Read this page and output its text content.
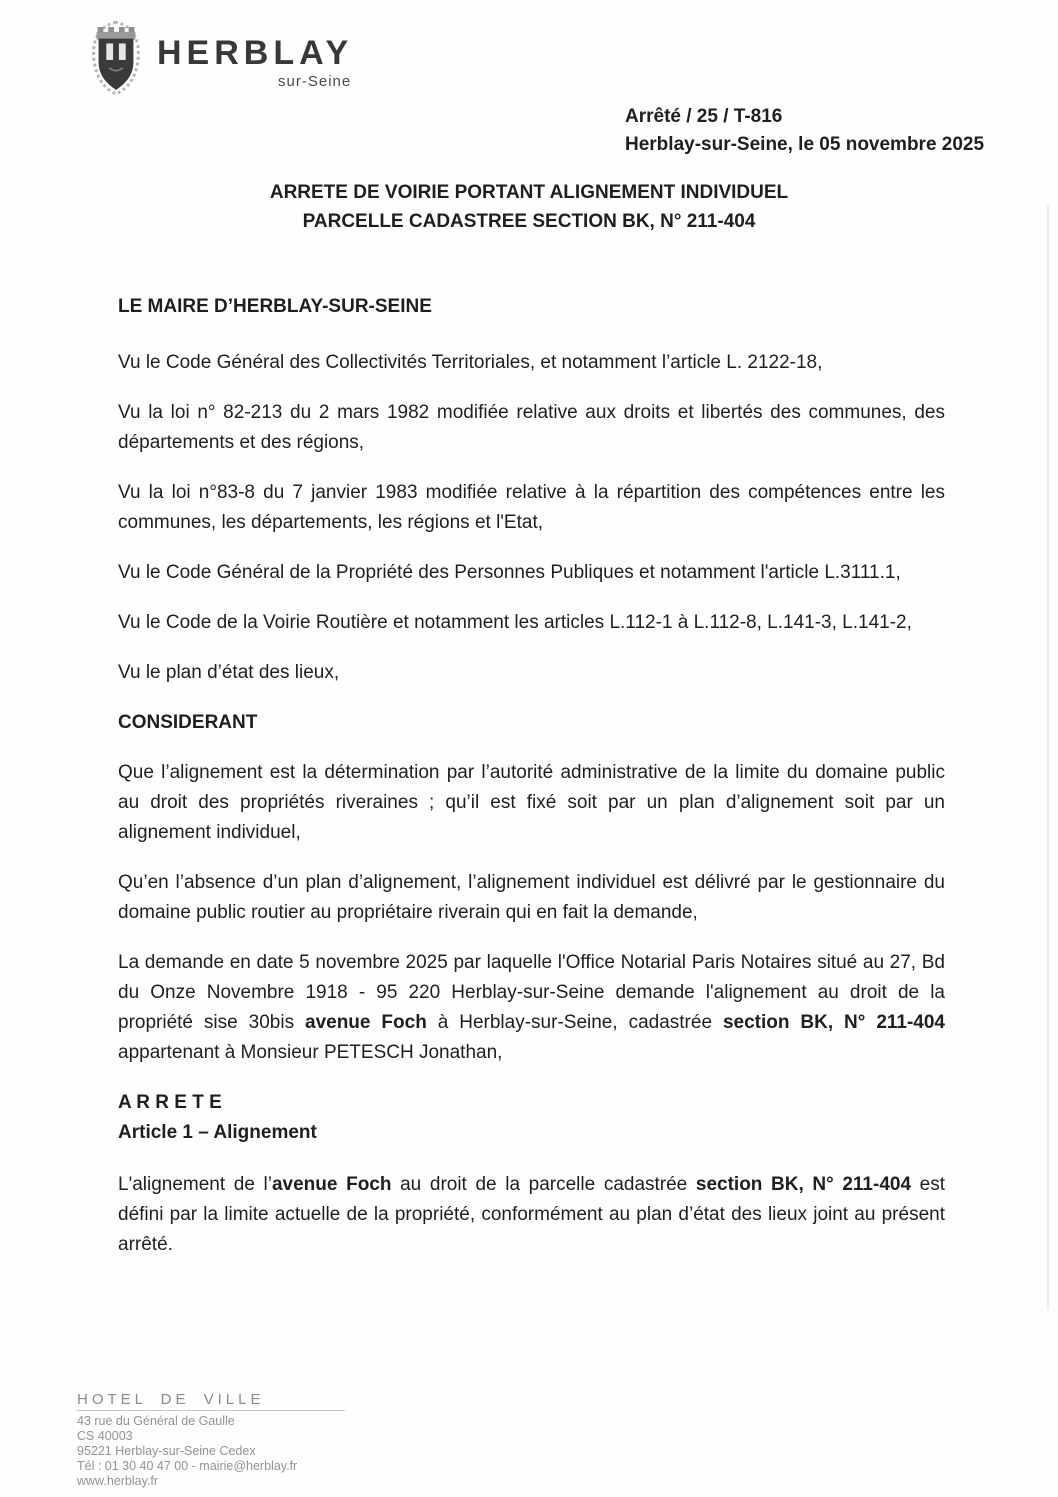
HERBLAY
sur-Seine
Arrêté / 25 / T-816
Herblay-sur-Seine, le 05 novembre 2025
ARRETE DE VOIRIE PORTANT ALIGNEMENT INDIVIDUEL
PARCELLE CADASTREE SECTION BK, N° 211-404

LE MAIRE D’HERBLAY-SUR-SEINE

Vu le Code Général des Collectivités Territoriales, et notamment l’article L. 2122-18,

Vu la loi n° 82-213 du 2 mars 1982 modifiée relative aux droits et libertés des communes, des départements et des régions,

Vu la loi n°83-8 du 7 janvier 1983 modifiée relative à la répartition des compétences entre les communes, les départements, les régions et l'Etat,

Vu le Code Général de la Propriété des Personnes Publiques et notamment l'article L.3111.1,

Vu le Code de la Voirie Routière et notamment les articles L.112-1 à L.112-8, L.141-3, L.141-2,

Vu le plan d’état des lieux,

CONSIDERANT

Que l’alignement est la détermination par l’autorité administrative de la limite du domaine public au droit des propriétés riveraines ; qu’il est fixé soit par un plan d’alignement soit par un alignement individuel,

Qu’en l’absence d’un plan d’alignement, l’alignement individuel est délivré par le gestionnaire du domaine public routier au propriétaire riverain qui en fait la demande,

La demande en date 5 novembre 2025 par laquelle l'Office Notarial Paris Notaires situé au 27, Bd du Onze Novembre 1918 - 95 220 Herblay-sur-Seine demande l'alignement au droit de la propriété sise 30bis avenue Foch à Herblay-sur-Seine, cadastrée section BK, N° 211-404 appartenant à Monsieur PETESCH Jonathan,

A R R E T E

Article 1 – Alignement

L'alignement de l’avenue Foch au droit de la parcelle cadastrée section BK, N° 211-404 est défini par la limite actuelle de la propriété, conformément au plan d’état des lieux joint au présent arrêté.

HOTEL DE VILLE
43 rue du Général de Gaulle
CS 40003
95221 Herblay-sur-Seine Cedex
Tél : 01 30 40 47 00 - mairie@herblay.fr
www.herblay.fr
